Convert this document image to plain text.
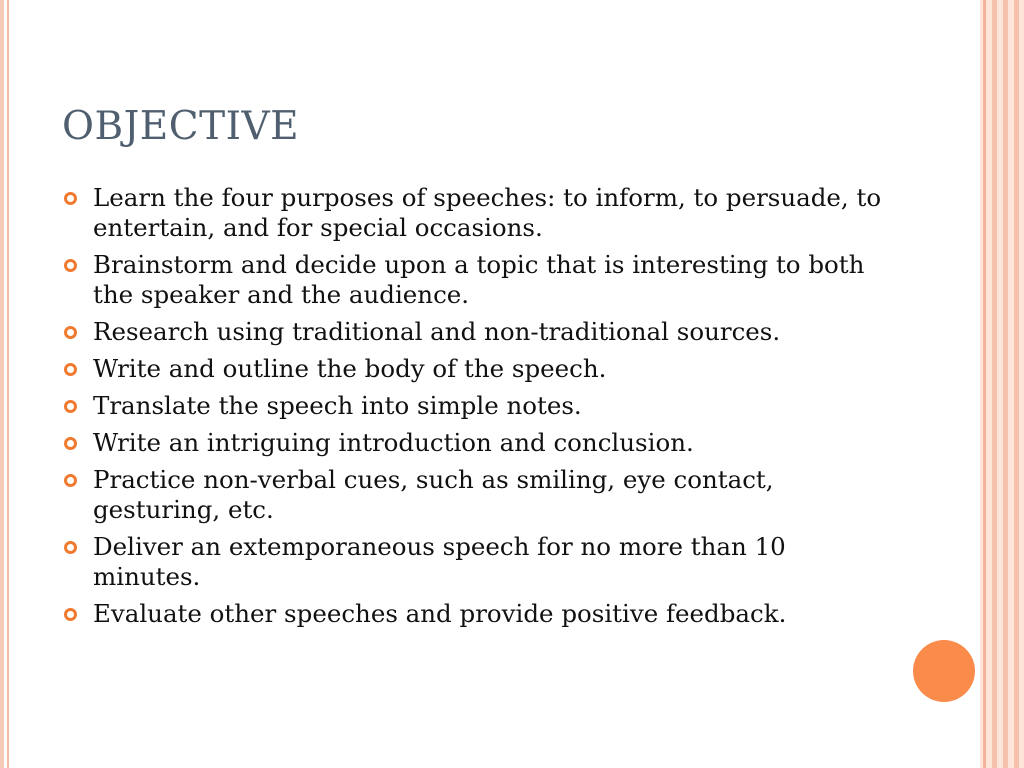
OBJECTIVE
Learn the four purposes of speeches: to inform, to persuade, to entertain, and for special occasions.
Brainstorm and decide upon a topic that is interesting to both the speaker and the audience.
Research using traditional and non-traditional sources.
Write and outline the body of the speech.
Translate the speech into simple notes.
Write an intriguing introduction and conclusion.
Practice non-verbal cues, such as smiling, eye contact, gesturing, etc.
Deliver an extemporaneous speech for no more than 10 minutes.
Evaluate other speeches and provide positive feedback.
